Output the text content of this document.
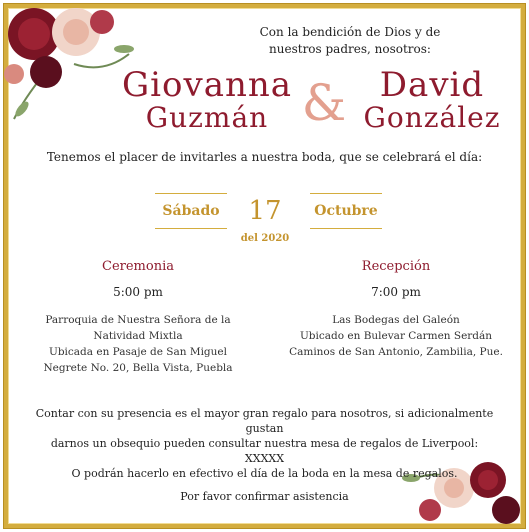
Con la bendición de Dios y de
nuestros padres, nosotros:
Giovanna
Guzmán & David
González
Tenemos el placer de invitarles a nuestra boda, que se celebrará el día:
Sábado 17	Octubre
del 2020
Ceremonia
5:00 pm
Parroquia de Nuestra Señora de la
Natividad Mixtla
Ubicada en Pasaje de San Miguel
Negrete No. 20, Bella Vista, Puebla
Recepción
7:00 pm
Las Bodegas del Galeón
Ubicado en Bulevar Carmen Serdán
Caminos de San Antonio, Zambilia, Pue.
Contar con su presencia es el mayor gran regalo para nosotros, si adicionalmente gustan
darnos un obsequio pueden consultar nuestra mesa de regalos de Liverpool:
XXXXX
O podrán hacerlo en efectivo el día de la boda en la mesa de regalos.
Por favor confirmar asistencia
